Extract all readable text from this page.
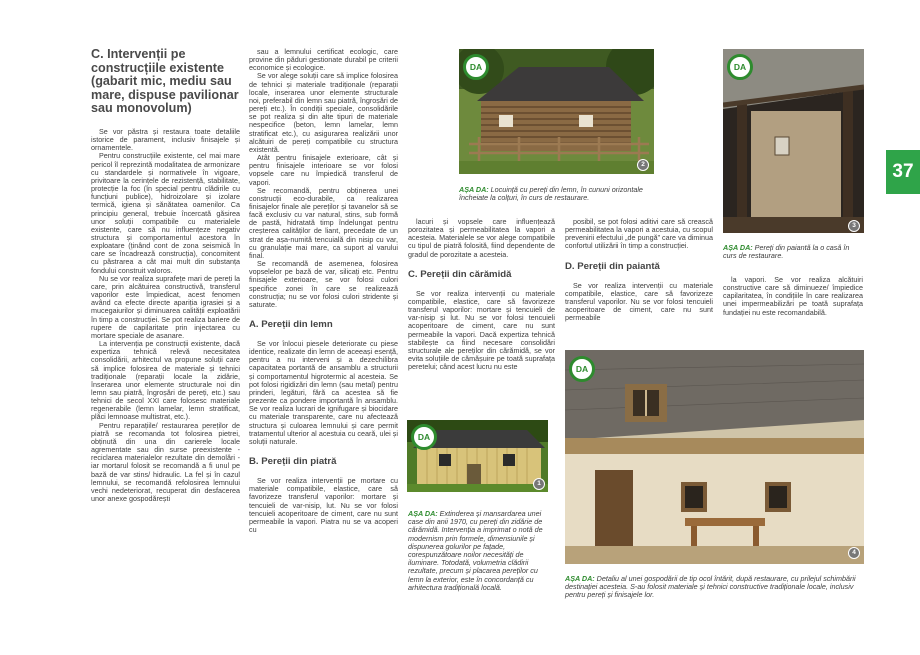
C. Intervenții pe construcțiile existente (gabarit mic, mediu sau mare, dispuse pavilionar sau monovolum)

Se vor păstra și restaura toate detaliile istorice de parament, inclusiv finisajele și ornamentele.

Pentru construcțiile existente, cel mai mare pericol îl reprezintă modalitatea de armonizare cu standardele și normativele în vigoare, privitoare la cerințele de rezistență, stabilitate, protecție la foc (în special pentru clădirile cu funcțiuni publice), hidroizolare și izolare termică, igiena și sănătatea oamenilor. Ca principiu general, trebuie încercată găsirea unor soluții compatibile cu materialele existente, care să nu influențeze negativ structura și comportamentul acestora în exploatare (ținând cont de zona seismică în care se încadrează construcția), concomitent cu păstrarea a cât mai mult din substanța fondului construit valoros.

Nu se vor realiza suprafețe mari de pereți la care, prin alcătuirea constructivă, transferul vaporilor este împiedicat, acest fenomen având ca efecte directe apariția igrasiei și a mucegaiurilor și diminuarea calității exploatării în timp a construcției. Se pot realiza bariere de rupere de capilaritate prin injectarea cu mortare speciale de asanare.

La intervenția pe construcții existente, dacă expertiza tehnică relevă necesitatea consolidării, arhitectul va propune soluții care să implice folosirea de materiale și tehnici tradiționale (reparații locale la zidărie, înserarea unor elemente structurale noi din lemn sau piatră, îngroșări de pereți, etc.) sau tehnici de secol XXI care folosesc materiale regenerabile (lemn lamelar, lemn stratificat, plăci lemnoase multistrat, etc.).

Pentru reparațiile/ restaurarea pereților de piatră se recomanda tot folosirea pietrei, obținută din una din carierele locale agrementate sau din surse preexistente - reciclarea materialelor rezultate din demolări - iar mortarul folosit se recomandă a fi unul pe bază de var stins/ hidraulic. La fel și în cazul lemnului, se recomandă refolosirea lemnului vechi nedeteriorat, recuperat din desfacerea unor anexe gospodărești

sau a lemnului certificat ecologic, care provine din păduri gestionate durabil pe criterii economice și ecologice.

Se vor alege soluții care să implice folosirea de tehnici și materiale tradiționale (reparații locale, inserarea unor elemente structurale noi, preferabil din lemn sau piatră, îngroșări de pereți etc.). În condiții speciale, consolidările se pot realiza și din alte tipuri de materiale nespecifice (beton, lemn lamelar, lemn stratificat etc.), cu asigurarea realizării unor alcătuiri de pereți compatibile cu structura existentă.

Atât pentru finisajele exterioare, cât și pentru finisajele interioare se vor folosi vopsele care nu împiedică transferul de vapori.

Se recomandă, pentru obținerea unei construcții eco-durabile, ca realizarea finisajelor finale ale pereților și tavanelor să se facă exclusiv cu var natural, stins, sub formă de pastă, hidratată timp îndelungat pentru creșterea calităților de liant, precedate de un strat de așa-numită tencuială din nisip cu var, cu granulație mai mare, ca suport al varului final.

Se recomandă de asemenea, folosirea vopselelor pe bază de var, silicați etc. Pentru finisajele exterioare, se vor folosi culori specifice zonei în care se realizează construcția; nu se vor folosi culori stridente și saturate.

A. Pereții din lemn

Se vor înlocui piesele deteriorate cu piese identice, realizate din lemn de aceeași esență, pentru a nu interveni și a dezechilibra capacitatea portantă de ansamblu a structurii și comportamentul higrotermic al acesteia. Se pot folosi rigidizări din lemn (sau metal) pentru prinderi, legături, fără ca acestea să fie prezente ca pondere importantă în ansamblu. Se vor realiza lucrari de ignifugare și biocidare cu materiale transparente, care nu afectează structura și culoarea lemnului și care permit tratamentul ulterior al acestuia cu ceară, ulei și soluții naturale.

B. Pereții din piatră

Se vor realiza intervenții pe mortare cu materiale compatibile, elastice, care să favorizeze transferul vaporilor: mortare și tencuieli de var-nisip, lut. Nu se vor folosi tencuieli acoperitoare de ciment, care nu sunt permeabile la vapori. Piatra nu se va acoperi cu

lacuri și vopsele care influențează porozitatea și permeabilitatea la vapori a acesteia. Materialele se vor alege compatibile cu tipul de piatră folosită, fiind dependente de gradul de porozitate a acesteia.

C. Pereții din cărămidă

Se vor realiza intervenții cu materiale compatibile, elastice, care să favorizeze transferul vaporilor: mortare și tencuieli de var-nisip și lut. Nu se vor folosi tencuieli acoperitoare de ciment, care nu sunt permeabile la vapori. Dacă expertiza tehnică stabilește ca fiind necesare consolidări structurale ale pereților din cărămidă, se vor evita soluțiile de cămășuire pe toată suprafața peretelui; când acest lucru nu este

posibil, se pot folosi aditivi care să crească permeabilitatea la vapori a acestuia, cu scopul prevenirii efectului „de pungă” care va diminua confortul utilizării în timp a construcției.

D. Pereții din paiantă

Se vor realiza intervenții cu materiale compatibile, elastice, care să favorizeze transferul vaporilor. Nu se vor folosi tencuieli acoperitoare de ciment, care nu sunt permeabile

la vapori. Se vor realiza alcătuiri constructive care să diminueze/ împiedice capilaritatea, în condițiile în care realizarea unei impermeabilizări pe toată suprafața fundației nu este recomandabilă.

DA
2
AȘA DA: Locuință cu pereți din lemn, în cununi orizontale încheiate la colțuri, în curs de restaurare.
DA
3
AȘA DA: Pereți din paiantă la o casă în curs de restaurare.
DA
1
AȘA DA: Extinderea și mansardarea unei case din anii 1970, cu pereți din zidărie de cărămidă. Intervenția a imprimat o notă de modernism prin formele, dimensiunile și dispunerea golurilor pe fațade, corespunzătoare noilor necesități de iluminare. Totodată, volumetria clădirii rezultate, precum și placarea pereților cu lemn la exterior, este în concordanță cu arhitectura tradițională locală.
DA
4
AȘA DA: Detaliu al unei gospodării de tip ocol întărit, după restaurare, cu prilejul schimbării destinației acesteia. S-au folosit materiale și tehnici constructive tradiționale locale, inclusiv pentru pereți și finisajele lor.
37
